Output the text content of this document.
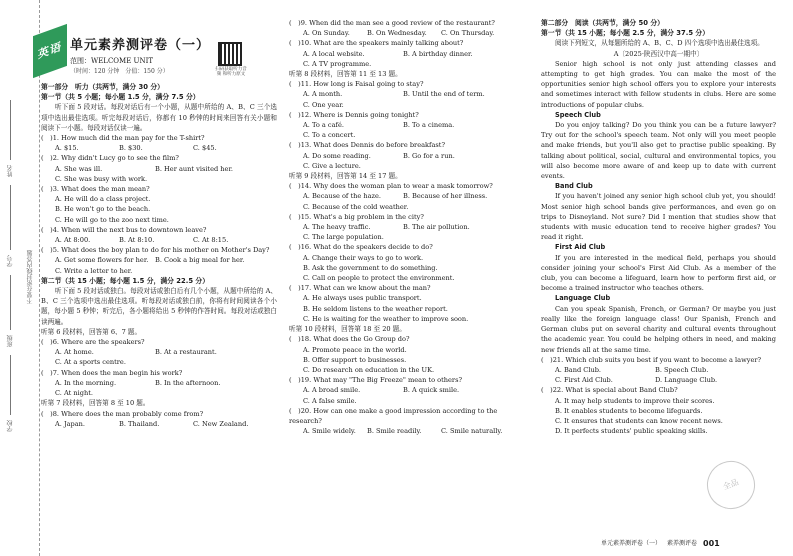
学校
班级
学号
姓名
不要在密封线内答题
英语 单元素养测评卷（一）
范围：WELCOME UNIT
（时间：120 分钟　分值：150 分）	扫码获取听力音频 和听力原文
第一部分　听力（共两节，满分 30 分）
第一节（共 5 小题；每小题 1.5 分，满分 7.5 分）
听下面 5 段对话。每段对话后有一个小题，从题中所给的 A、B、C 三个选项中选出最佳选项。听完每段对话后，你都有 10 秒钟的时间来回答有关小题和阅读下一小题。每段对话仅读一遍。
(　)1. How much did the man pay for the T-shirt?
A. $15.	B. $30.	C. $45.
(　)2. Why didn't Lucy go to see the film?
A. She was ill.	B. Her aunt visited her.
C. She was busy with work.
(　)3. What does the man mean?
A. He will do a class project.
B. He won't go to the beach.
C. He will go to the zoo next time.
(　)4. When will the next bus to downtown leave?
A. At 8:00.	B. At 8:10.	C. At 8:15.
(　)5. What does the boy plan to do for his mother on Mother's Day?
A. Get some flowers for her.	B. Cook a big meal for her.
C. Write a letter to her.
第二节（共 15 小题；每小题 1.5 分，满分 22.5 分）
听下面 5 段对话或独白。每段对话或独白后有几个小题，从题中所给的 A、B、C 三个选项中选出最佳选项。听每段对话或独白前，你将有时间阅读各个小题，每小题 5 秒钟；听完后，各小题将给出 5 秒钟的作答时间。每段对话或独白读两遍。
听第 6 段材料，回答第 6、7 题。
(　)6. Where are the speakers?
A. At home.	B. At a restaurant.
C. At a sports centre.
(　)7. When does the man begin his work?
A. In the morning.	B. In the afternoon.
C. At night.
听第 7 段材料，回答第 8 至 10 题。
(　)8. Where does the man probably come from?
A. Japan.	B. Thailand.	C. New Zealand.
(　)9. When did the man see a good review of the restaurant?
A. On Sunday.	B. On Wednesday.	C. On Thursday.
(　)10. What are the speakers mainly talking about?
A. A local website.	B. A birthday dinner.
C. A TV programme.
听第 8 段材料，回答第 11 至 13 题。
(　)11. How long is Faisal going to stay?
A. A month.	B. Until the end of term.
C. One year.
(　)12. Where is Dennis going tonight?
A. To a café.	B. To a cinema.
C. To a concert.
(　)13. What does Dennis do before breakfast?
A. Do some reading.	B. Go for a run.
C. Give a lecture.
听第 9 段材料，回答第 14 至 17 题。
(　)14. Why does the woman plan to wear a mask tomorrow?
A. Because of the haze.	B. Because of her illness.
C. Because of the cold weather.
(　)15. What's a big problem in the city?
A. The heavy traffic.	B. The air pollution.
C. The large population.
(　)16. What do the speakers decide to do?
A. Change their ways to go to work.
B. Ask the government to do something.
C. Call on people to protect the environment.
(　)17. What can we know about the man?
A. He always uses public transport.
B. He seldom listens to the weather report.
C. He is waiting for the weather to improve soon.
听第 10 段材料，回答第 18 至 20 题。
(　)18. What does the Go Group do?
A. Promote peace in the world.
B. Offer support to businesses.
C. Do research on education in the UK.
(　)19. What may "The Big Freeze" mean to others?
A. A broad smile.	B. A quick smile.
C. A false smile.
(　)20. How can one make a good impression according to the research?
A. Smile widely.	B. Smile readily.	C. Smile naturally.
第二部分　阅读（共两节，满分 50 分）
第一节（共 15 小题；每小题 2.5 分，满分 37.5 分）
阅读下列短文，从每题所给的 A、B、C、D 四个选项中选出最佳选项。
A〔2025·陕西汉中高一期中〕
Senior high school is not only just attending classes and attempting to get high grades. You can make the most of the opportunities senior high school offers you to explore your interests and sometimes interact with fellow students in clubs. Here are some introductions of popular clubs.
Speech Club
Do you enjoy talking? Do you think you can be a future lawyer? Try out for the school's speech team. Not only will you meet people and make friends, but you'll also get to practise public speaking. By talking about political, social, cultural and environmental topics, you will also become more aware of and keep up to date with current events.
Band Club
If you haven't joined any senior high school club yet, you should! Most senior high school bands give performances, and even go on trips to Disneyland. Not sure? Did I mention that studies show that students with music education tend to receive higher grades? You read it right.
First Aid Club
If you are interested in the medical field, perhaps you should consider joining your school's First Aid Club. As a member of the club, you can become a lifeguard, learn how to perform first aid, or become a trained instructor who teaches others.
Language Club
Can you speak Spanish, French, or German? Or maybe you just really like the foreign language class! Our Spanish, French and German clubs put on several charity and cultural events throughout the academic year. You could be helping others in need, and making new friends all at the same time.
(　)21. Which club suits you best if you want to become a lawyer?
A. Band Club.	B. Speech Club.
C. First Aid Club.	D. Language Club.
(　)22. What is special about Band Club?
A. It may help students to improve their scores.
B. It enables students to become lifeguards.
C. It ensures that students can know recent news.
D. It perfects students' public speaking skills.
全品
单元素养测评卷（一） 素养测评卷 001
